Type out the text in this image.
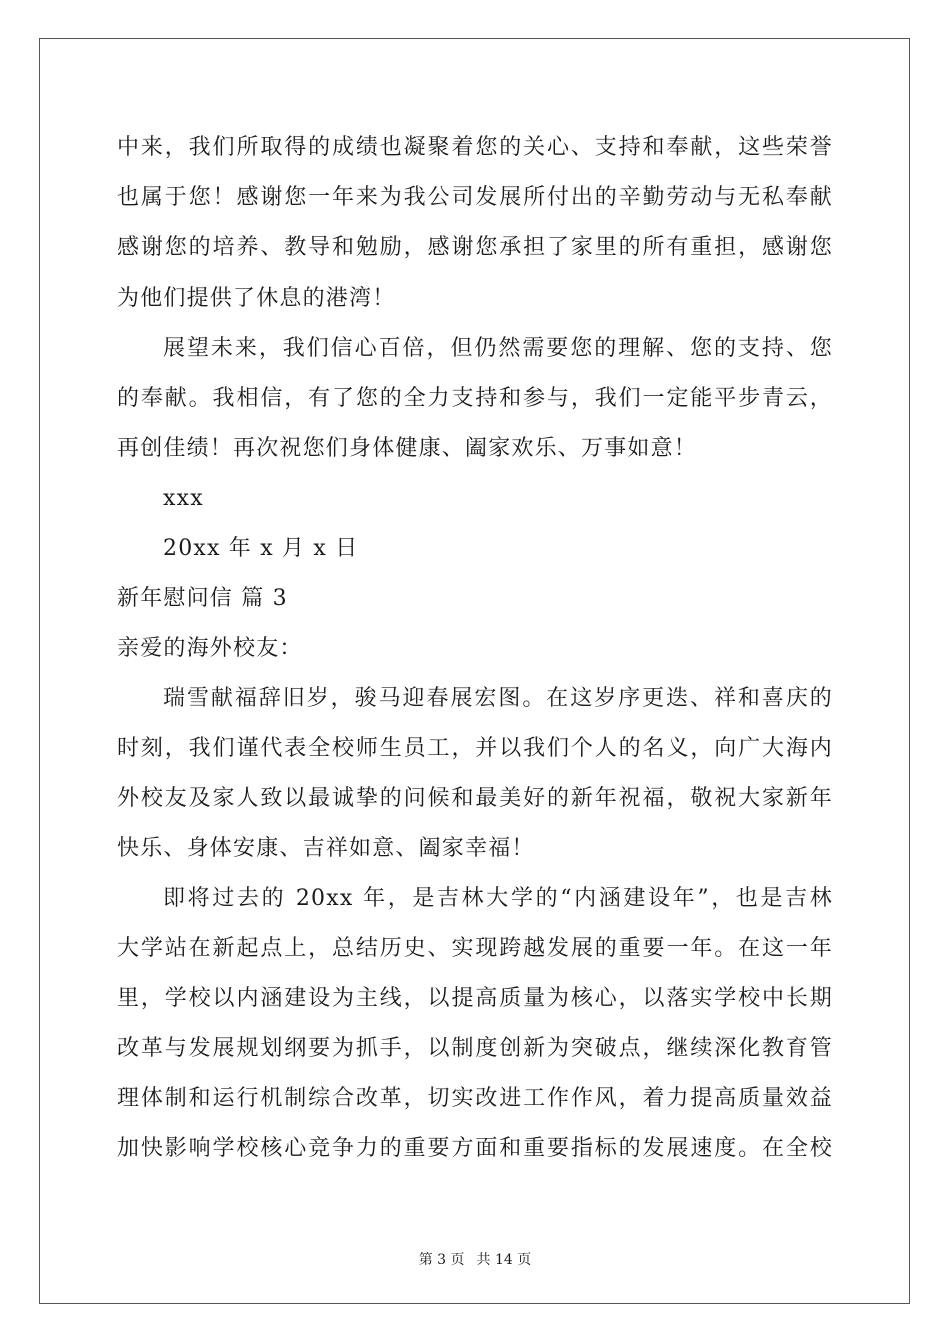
中来，我们所取得的成绩也凝聚着您的关心、支持和奉献，这些荣誉
也属于您！感谢您一年来为我公司发展所付出的辛勤劳动与无私奉献
感谢您的培养、教导和勉励，感谢您承担了家里的所有重担，感谢您
为他们提供了休息的港湾！
展望未来，我们信心百倍，但仍然需要您的理解、您的支持、您
的奉献。我相信，有了您的全力支持和参与，我们一定能平步青云，
再创佳绩！再次祝您们身体健康、阖家欢乐、万事如意！
xxx
20xx 年 x 月 x 日
新年慰问信 篇 3
亲爱的海外校友：
瑞雪献福辞旧岁，骏马迎春展宏图。在这岁序更迭、祥和喜庆的
时刻，我们谨代表全校师生员工，并以我们个人的名义，向广大海内
外校友及家人致以最诚挚的问候和最美好的新年祝福，敬祝大家新年
快乐、身体安康、吉祥如意、阖家幸福！
即将过去的 20xx 年，是吉林大学的“内涵建设年”，也是吉林
大学站在新起点上，总结历史、实现跨越发展的重要一年。在这一年
里，学校以内涵建设为主线，以提高质量为核心，以落实学校中长期
改革与发展规划纲要为抓手，以制度创新为突破点，继续深化教育管
理体制和运行机制综合改革，切实改进工作作风，着力提高质量效益
加快影响学校核心竞争力的重要方面和重要指标的发展速度。在全校
第 3 页 共 14 页
